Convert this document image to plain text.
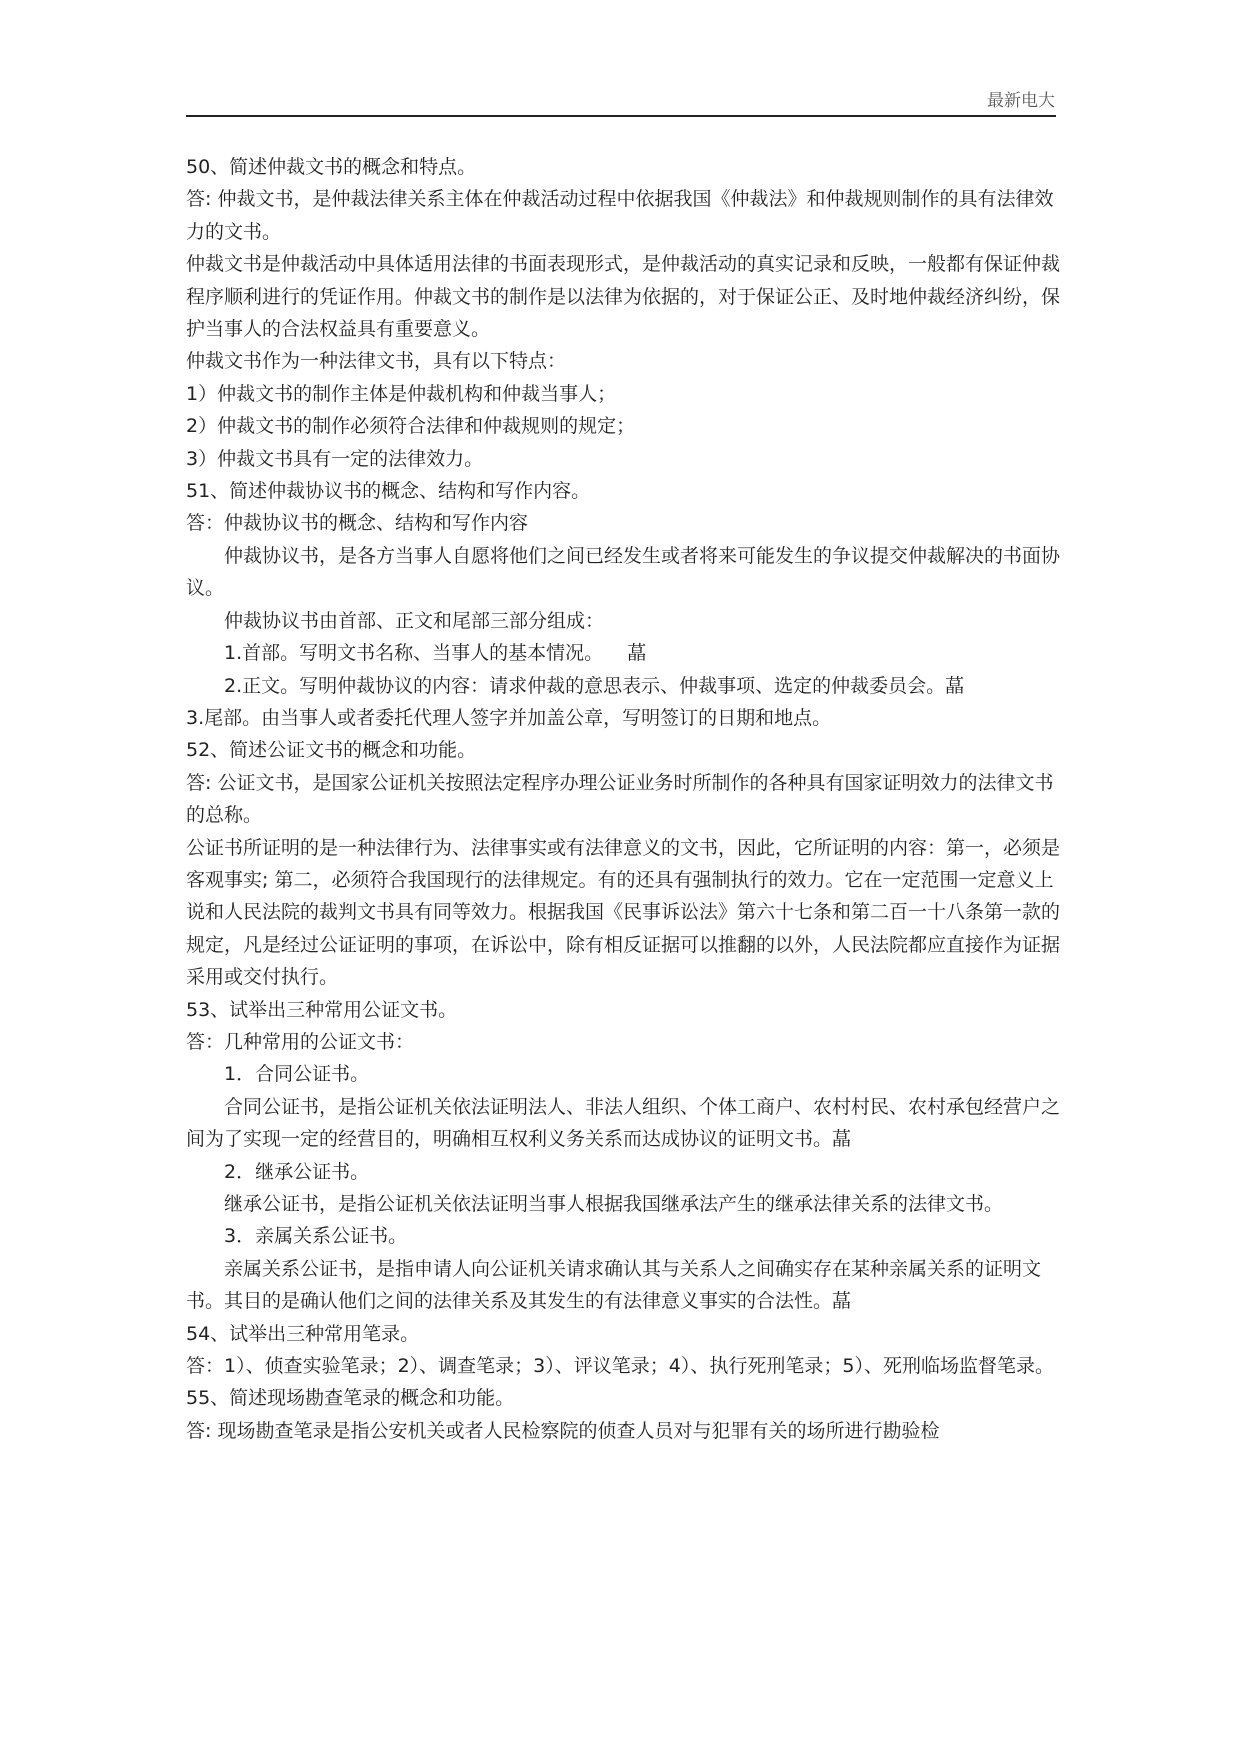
最新电大

50、简述仲裁文书的概念和特点。

答: 仲裁文书，是仲裁法律关系主体在仲裁活动过程中依据我国《仲裁法》和仲裁规则制作的具有法律效力的文书。

仲裁文书是仲裁活动中具体适用法律的书面表现形式，是仲裁活动的真实记录和反映，一般都有保证仲裁程序顺利进行的凭证作用。仲裁文书的制作是以法律为依据的，对于保证公正、及时地仲裁经济纠纷，保护当事人的合法权益具有重要意义。

仲裁文书作为一种法律文书，具有以下特点：

1）仲裁文书的制作主体是仲裁机构和仲裁当事人；

2）仲裁文书的制作必须符合法律和仲裁规则的规定；

3）仲裁文书具有一定的法律效力。

51、简述仲裁协议书的概念、结构和写作内容。

答：仲裁协议书的概念、结构和写作内容

仲裁协议书，是各方当事人自愿将他们之间已经发生或者将来可能发生的争议提交仲裁解决的书面协议。

仲裁协议书由首部、正文和尾部三部分组成：

1.首部。写明文书名称、当事人的基本情况。    蕌

2.正文。写明仲裁协议的内容：请求仲裁的意思表示、仲裁事项、选定的仲裁委员会。蕌

3.尾部。由当事人或者委托代理人签字并加盖公章，写明签订的日期和地点。

52、简述公证文书的概念和功能。

答: 公证文书，是国家公证机关按照法定程序办理公证业务时所制作的各种具有国家证明效力的法律文书的总称。

公证书所证明的是一种法律行为、法律事实或有法律意义的文书，因此，它所证明的内容：第一，必须是客观事实; 第二，必须符合我国现行的法律规定。有的还具有强制执行的效力。它在一定范围一定意义上说和人民法院的裁判文书具有同等效力。根据我国《民事诉讼法》第六十七条和第二百一十八条第一款的规定，凡是经过公证证明的事项，在诉讼中，除有相反证据可以推翻的以外，人民法院都应直接作为证据采用或交付执行。

53、试举出三种常用公证文书。

答：几种常用的公证文书：

1．合同公证书。

合同公证书，是指公证机关依法证明法人、非法人组织、个体工商户、农村村民、农村承包经营户之间为了实现一定的经营目的，明确相互权利义务关系而达成协议的证明文书。蕌

2．继承公证书。

继承公证书，是指公证机关依法证明当事人根据我国继承法产生的继承法律关系的法律文书。

3．亲属关系公证书。

亲属关系公证书，是指申请人向公证机关请求确认其与关系人之间确实存在某种亲属关系的证明文书。其目的是确认他们之间的法律关系及其发生的有法律意义事实的合法性。蕌

54、试举出三种常用笔录。

答：1）、侦查实验笔录；2）、调查笔录；3）、评议笔录；4）、执行死刑笔录；5）、死刑临场监督笔录。

55、简述现场勘查笔录的概念和功能。

答: 现场勘查笔录是指公安机关或者人民检察院的侦查人员对与犯罪有关的场所进行勘验检
